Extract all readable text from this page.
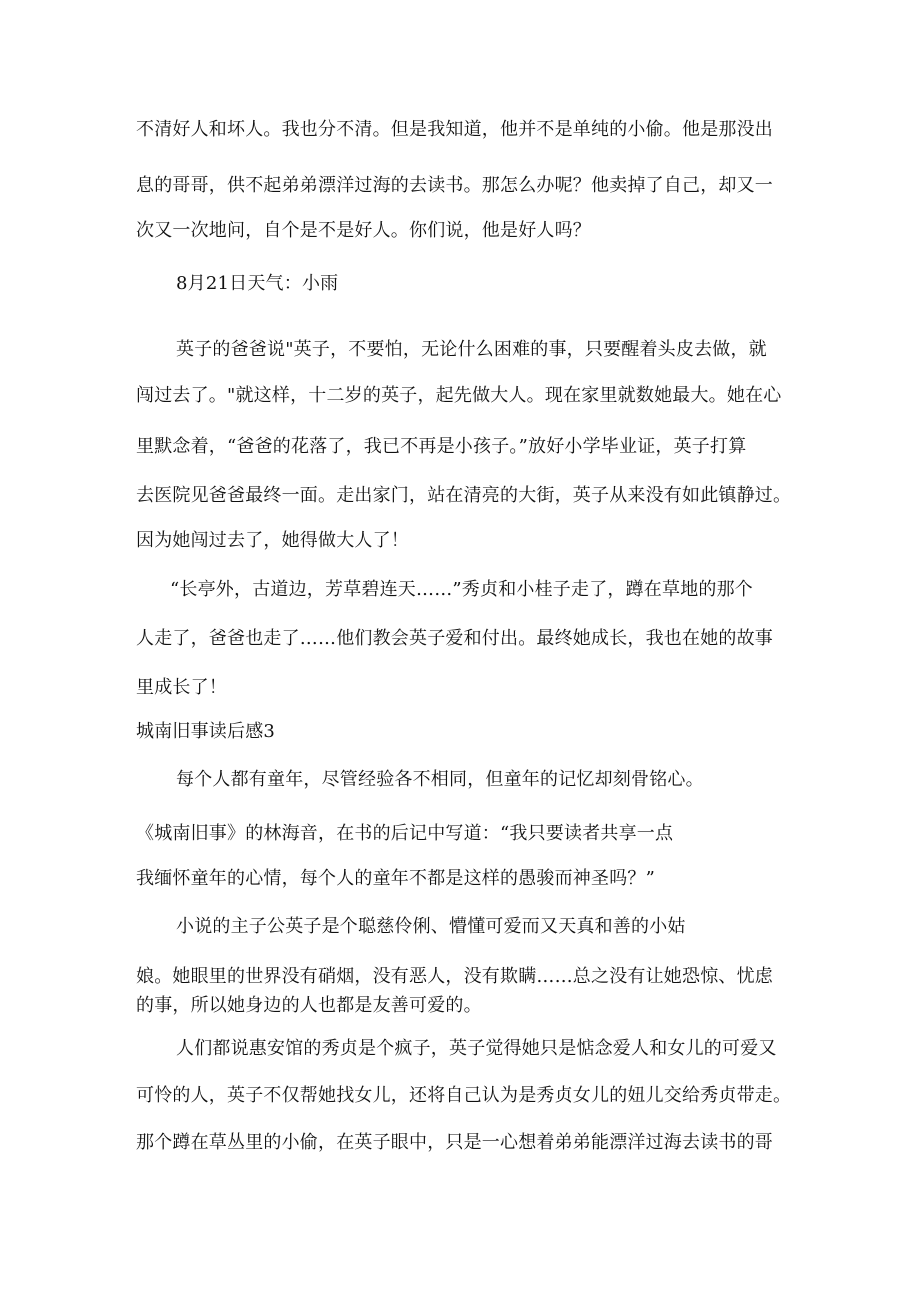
不清好人和坏人。我也分不清。但是我知道，他并不是单纯的小偷。他是那没出
息的哥哥，供不起弟弟漂洋过海的去读书。那怎么办呢？他卖掉了自己，却又一
次又一次地问，自个是不是好人。你们说，他是好人吗？
8月21日天气：小雨
英子的爸爸说"英子，不要怕，无论什么困难的事，只要醒着头皮去做，就
闯过去了。"就这样，十二岁的英子，起先做大人。现在家里就数她最大。她在心
里默念着，“爸爸的花落了，我已不再是小孩子。”放好小学毕业证，英子打算
去医院见爸爸最终一面。走出家门，站在清亮的大街，英子从来没有如此镇静过。
因为她闯过去了，她得做大人了！
“长亭外，古道边，芳草碧连天……”秀贞和小桂子走了，蹲在草地的那个
人走了，爸爸也走了……他们教会英子爱和付出。最终她成长，我也在她的故事
里成长了！
城南旧事读后感3
每个人都有童年，尽管经验各不相同，但童年的记忆却刻骨铭心。
《城南旧事》的林海音，在书的后记中写道：“我只要读者共享一点
我缅怀童年的心情，每个人的童年不都是这样的愚骏而神圣吗？”
小说的主子公英子是个聪慈伶俐、懵懂可爱而又天真和善的小姑
娘。她眼里的世界没有硝烟，没有恶人，没有欺瞒……总之没有让她恐惊、忧虑
的事，所以她身边的人也都是友善可爱的。
人们都说惠安馆的秀贞是个疯子，英子觉得她只是惦念爱人和女儿的可爱又
可怜的人，英子不仅帮她找女儿，还将自己认为是秀贞女儿的妞儿交给秀贞带走。
那个蹲在草丛里的小偷，在英子眼中，只是一心想着弟弟能漂洋过海去读书的哥
